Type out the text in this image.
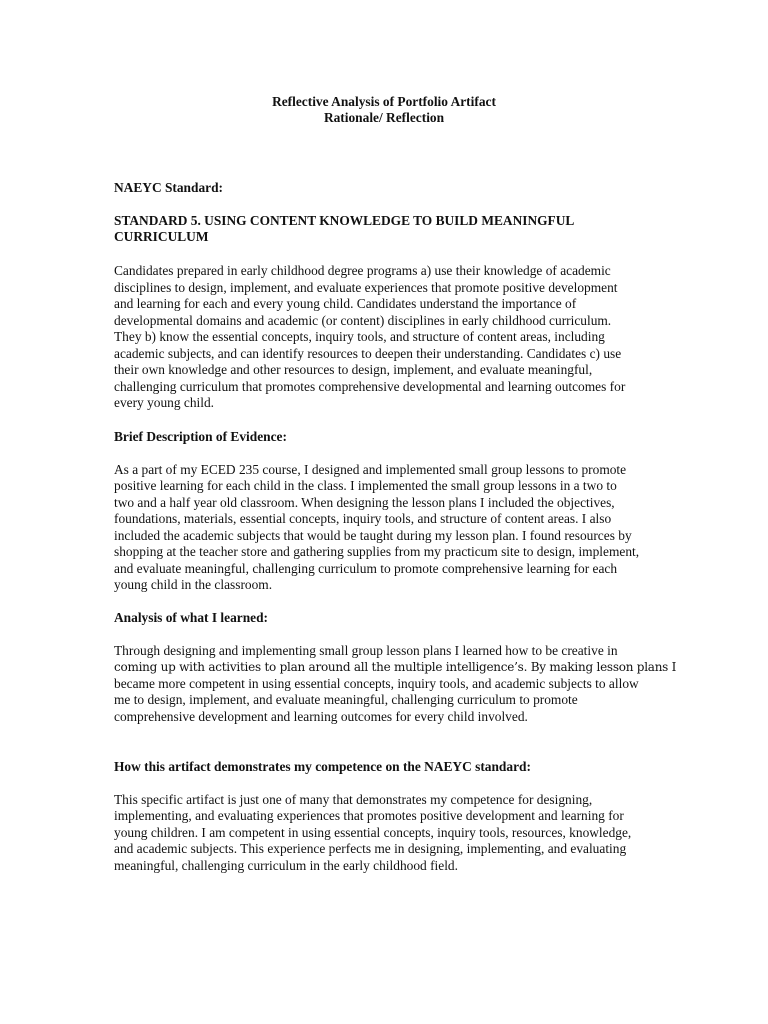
Reflective Analysis of Portfolio Artifact
Rationale/ Reflection
NAEYC Standard:
STANDARD 5. USING CONTENT KNOWLEDGE TO BUILD MEANINGFUL
CURRICULUM
Candidates prepared in early childhood degree programs a) use their knowledge of academic
disciplines to design, implement, and evaluate experiences that promote positive development
and learning for each and every young child. Candidates understand the importance of
developmental domains and academic (or content) disciplines in early childhood curriculum.
They b) know the essential concepts, inquiry tools, and structure of content areas, including
academic subjects, and can identify resources to deepen their understanding. Candidates c) use
their own knowledge and other resources to design, implement, and evaluate meaningful,
challenging curriculum that promotes comprehensive developmental and learning outcomes for
every young child.
Brief Description of Evidence:
As a part of my ECED 235 course, I designed and implemented small group lessons to promote
positive learning for each child in the class. I implemented the small group lessons in a two to
two and a half year old classroom. When designing the lesson plans I included the objectives,
foundations, materials, essential concepts, inquiry tools, and structure of content areas. I also
included the academic subjects that would be taught during my lesson plan. I found resources by
shopping at the teacher store and gathering supplies from my practicum site to design, implement,
and evaluate meaningful, challenging curriculum to promote comprehensive learning for each
young child in the classroom.
Analysis of what I learned:
Through designing and implementing small group lesson plans I learned how to be creative in
coming up with activities to plan around all the multiple intelligence’s. By making lesson plans I
became more competent in using essential concepts, inquiry tools, and academic subjects to allow
me to design, implement, and evaluate meaningful, challenging curriculum to promote
comprehensive development and learning outcomes for every child involved.
How this artifact demonstrates my competence on the NAEYC standard:
This specific artifact is just one of many that demonstrates my competence for designing,
implementing, and evaluating experiences that promotes positive development and learning for
young children. I am competent in using essential concepts, inquiry tools, resources, knowledge,
and academic subjects. This experience perfects me in designing, implementing, and evaluating
meaningful, challenging curriculum in the early childhood field.
